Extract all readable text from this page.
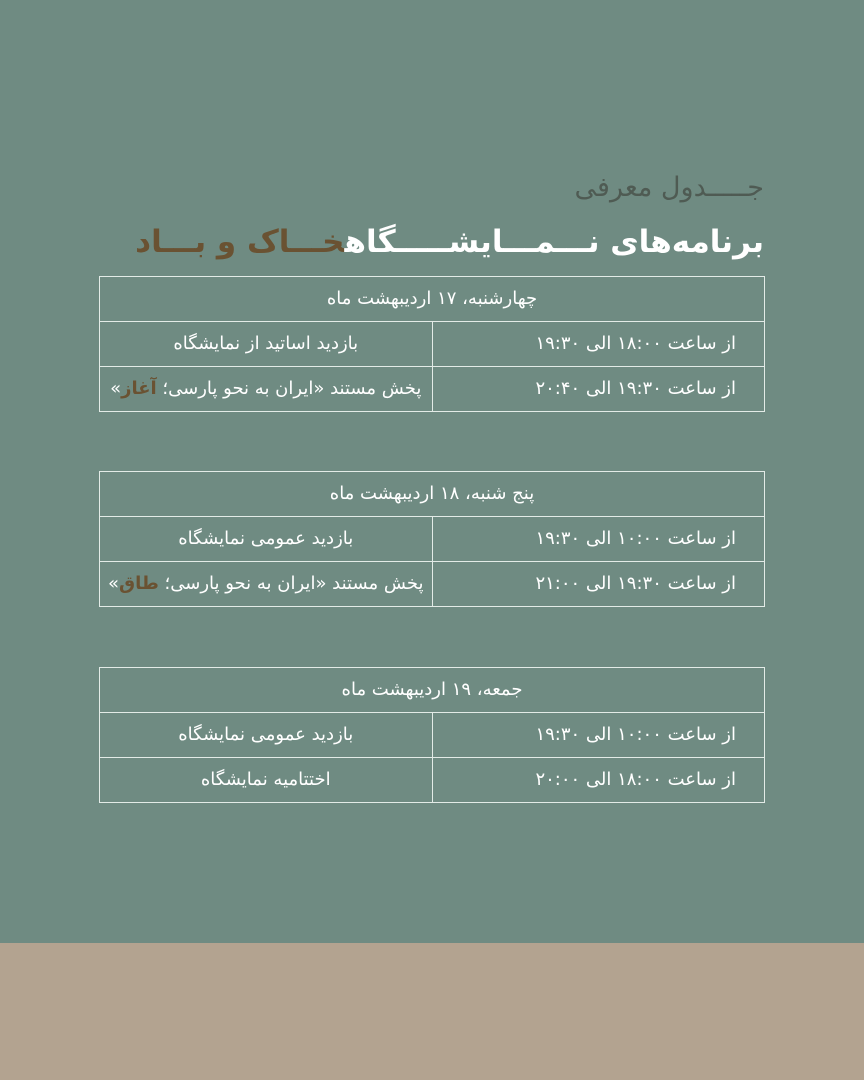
جـــــدول معرفی
برنامه‌های نـــمـــایشـــــگاهخـــاک و بـــاد
چهارشنبه، ۱۷ اردیبهشت ماه	
از ساعت ۱۸:۰۰ الی ۱۹:۳۰	بازدید اساتید از نمایشگاه
از ساعت ۱۹:۳۰ الی ۲۰:۴۰	پخش مستند «ایران به نحو پارسی؛ آغاز»
پنج شنبه، ۱۸ اردیبهشت ماه	
از ساعت ۱۰:۰۰ الی ۱۹:۳۰	بازدید عمومی نمایشگاه
از ساعت ۱۹:۳۰ الی ۲۱:۰۰	پخش مستند «ایران به نحو پارسی؛ طاق»
جمعه، ۱۹ اردیبهشت ماه	
از ساعت ۱۰:۰۰ الی ۱۹:۳۰	بازدید عمومی نمایشگاه
از ساعت ۱۸:۰۰ الی ۲۰:۰۰	اختتامیه نمایشگاه
